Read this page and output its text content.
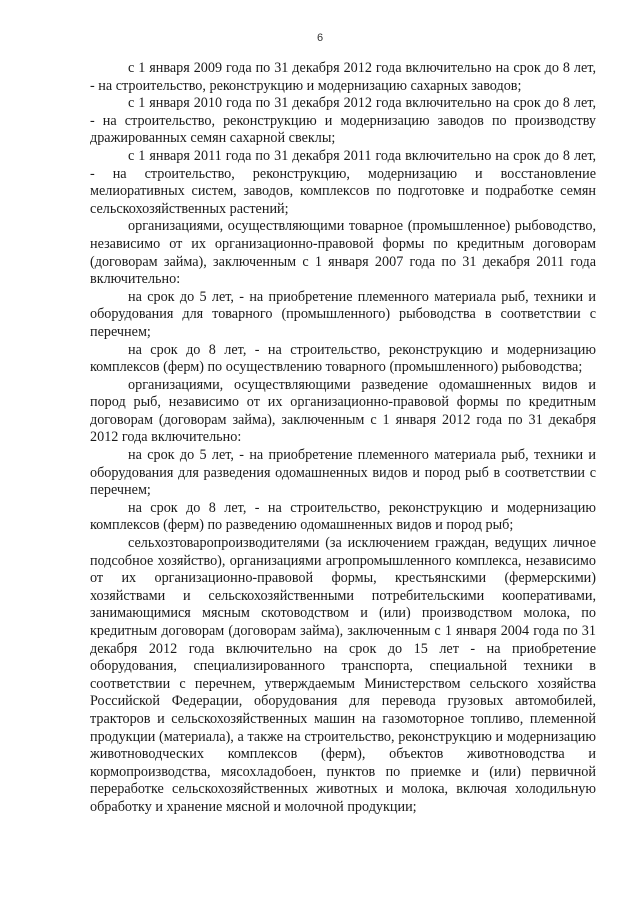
6

с 1 января 2009 года по 31 декабря 2012 года включительно на срок до 8 лет, - на строительство, реконструкцию и модернизацию сахарных заводов;

с 1 января 2010 года по 31 декабря 2012 года включительно на срок до 8 лет, - на строительство, реконструкцию и модернизацию заводов по производству дражированных семян сахарной свеклы;

с 1 января 2011 года по 31 декабря 2011 года включительно на срок до 8 лет, - на строительство, реконструкцию, модернизацию и восстановление мелиоративных систем, заводов, комплексов по подготовке и подработке семян сельскохозяйственных растений;

организациями, осуществляющими товарное (промышленное) рыбоводство, независимо от их организационно-правовой формы по кредитным договорам (договорам займа), заключенным с 1 января 2007 года по 31 декабря 2011 года включительно:

на срок до 5 лет, - на приобретение племенного материала рыб, техники и оборудования для товарного (промышленного) рыбоводства в соответствии с перечнем;

на срок до 8 лет, - на строительство, реконструкцию и модернизацию комплексов (ферм) по осуществлению товарного (промышленного) рыбоводства;

организациями, осуществляющими разведение одомашненных видов и пород рыб, независимо от их организационно-правовой формы по кредитным договорам (договорам займа), заключенным с 1 января 2012 года по 31 декабря 2012 года включительно:

на срок до 5 лет, - на приобретение племенного материала рыб, техники и оборудования для разведения одомашненных видов и пород рыб в соответствии с перечнем;

на срок до 8 лет, - на строительство, реконструкцию и модернизацию комплексов (ферм) по разведению одомашненных видов и пород рыб;

сельхозтоваропроизводителями (за исключением граждан, ведущих личное подсобное хозяйство), организациями агропромышленного комплекса, независимо от их организационно-правовой формы, крестьянскими (фермерскими) хозяйствами и сельскохозяйственными потребительскими кооперативами, занимающимися мясным скотоводством и (или) производством молока, по кредитным договорам (договорам займа), заключенным с 1 января 2004 года по 31 декабря 2012 года включительно на срок до 15 лет - на приобретение оборудования, специализированного транспорта, специальной техники в соответствии с перечнем, утверждаемым Министерством сельского хозяйства Российской Федерации, оборудования для перевода грузовых автомобилей, тракторов и сельскохозяйственных машин на газомоторное топливо, племенной продукции (материала), а также на строительство, реконструкцию и модернизацию животноводческих комплексов (ферм), объектов животноводства и кормопроизводства, мясохладобоен, пунктов по приемке и (или) первичной переработке сельскохозяйственных животных и молока, включая холодильную обработку и хранение мясной и молочной продукции;
